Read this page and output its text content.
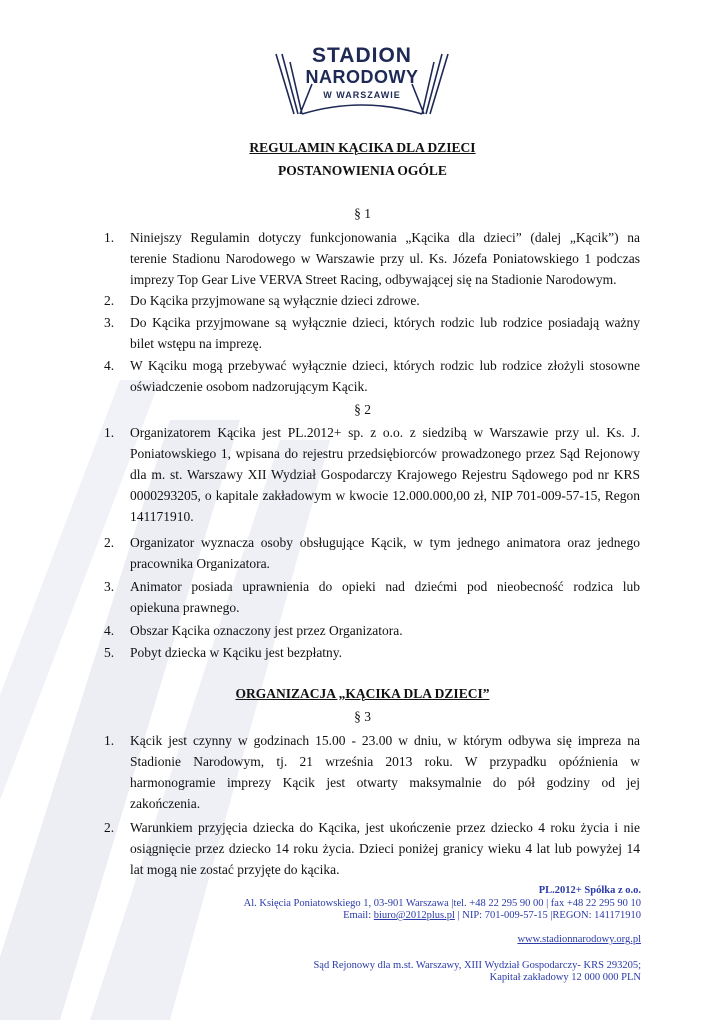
STADION
NARODOWY
W WARSZAWIE
REGULAMIN KĄCIKA DLA DZIECI
POSTANOWIENIA OGÓLE
§ 1
1.	Niniejszy Regulamin dotyczy funkcjonowania „Kącika dla dzieci” (dalej „Kącik”) na
terenie Stadionu Narodowego w Warszawie przy ul. Ks. Józefa Poniatowskiego 1 podczas
imprezy Top Gear Live VERVA Street Racing, odbywającej się na Stadionie Narodowym.
2.	Do Kącika przyjmowane są wyłącznie dzieci zdrowe.
3.	Do Kącika przyjmowane są wyłącznie dzieci, których rodzic lub rodzice posiadają ważny
bilet wstępu na imprezę.
4.	W Kąciku mogą przebywać wyłącznie dzieci, których rodzic lub rodzice złożyli stosowne
oświadczenie osobom nadzorującym Kącik.
§ 2
1.	Organizatorem Kącika jest PL.2012+ sp. z o.o. z siedzibą w Warszawie przy ul. Ks. J.
Poniatowskiego 1, wpisana do rejestru przedsiębiorców prowadzonego przez Sąd Rejonowy
dla m. st. Warszawy XII Wydział Gospodarczy Krajowego Rejestru Sądowego pod nr KRS
0000293205, o kapitale zakładowym w kwocie 12.000.000,00 zł, NIP 701-009-57-15, Regon
141171910.
2.	Organizator wyznacza osoby obsługujące Kącik, w tym jednego animatora oraz jednego
pracownika Organizatora.
3.	Animator posiada uprawnienia do opieki nad dziećmi pod nieobecność rodzica lub
opiekuna prawnego.
4.	Obszar Kącika oznaczony jest przez Organizatora.
5.	Pobyt dziecka w Kąciku jest bezpłatny.
ORGANIZACJA „KĄCIKA DLA DZIECI”
§ 3
1.	Kącik jest czynny w godzinach 15.00 - 23.00 w dniu, w którym odbywa się impreza na
Stadionie Narodowym, tj. 21 września 2013 roku. W przypadku opóźnienia w
harmonogramie imprezy Kącik jest otwarty maksymalnie do pół godziny od jej
zakończenia.
2.	Warunkiem przyjęcia dziecka do Kącika, jest ukończenie przez dziecko 4 roku życia i nie
osiągnięcie przez dziecko 14 roku życia. Dzieci poniżej granicy wieku 4 lat lub powyżej 14
lat mogą nie zostać przyjęte do kącika.
PL.2012+ Spółka z o.o.
Al. Księcia Poniatowskiego 1, 03-901 Warszawa |tel. +48 22 295 90 00 | fax +48 22 295 90 10
Email: biuro@2012plus.pl | NIP: 701-009-57-15 |REGON: 141171910
www.stadionnarodowy.org.pl
Sąd Rejonowy dla m.st. Warszawy, XIII Wydział Gospodarczy- KRS 293205;
Kapitał zakładowy 12 000 000 PLN
